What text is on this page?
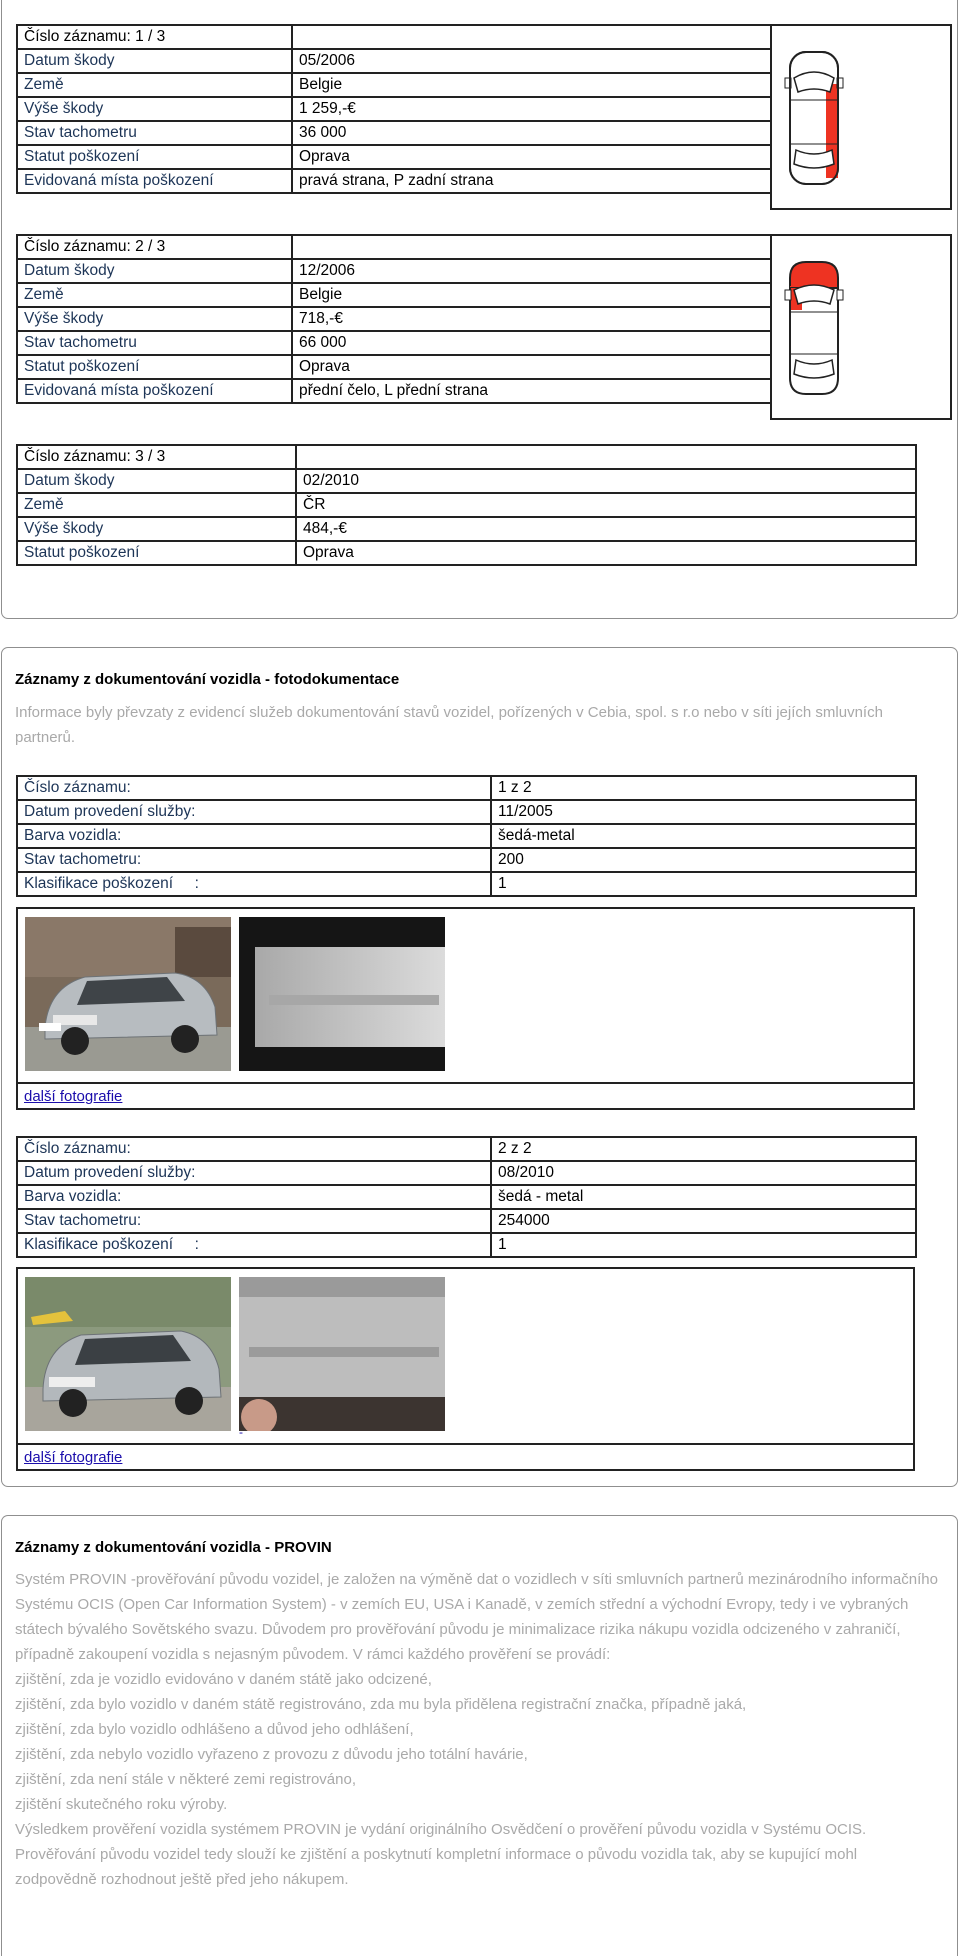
Číslo záznamu: 1 / 3	
Datum škody	05/2006
Země	Belgie
Výše škody	1 259,-€
Stav tachometru	36 000
Statut poškození	Oprava
Evidovaná místa poškození	pravá strana, P zadní strana
Číslo záznamu: 2 / 3	
Datum škody	12/2006
Země	Belgie
Výše škody	718,-€
Stav tachometru	66 000
Statut poškození	Oprava
Evidovaná místa poškození	přední čelo, L přední strana
Číslo záznamu: 3 / 3	
Datum škody	02/2010
Země	ČR
Výše škody	484,-€
Statut poškození	Oprava
Záznamy z dokumentování vozidla - fotodokumentace
Informace byly převzaty z evidencí služeb dokumentování stavů vozidel, pořízených v Cebia, spol. s r.o nebo v síti jejích smluvních partnerů.
Číslo záznamu:	1 z 2
Datum provedení služby:	11/2005
Barva vozidla:	šedá-metal
Stav tachometru:	200
Klasifikace poškození     :	1
další fotografie
Číslo záznamu:	2 z 2
Datum provedení služby:	08/2010
Barva vozidla:	šedá - metal
Stav tachometru:	254000
Klasifikace poškození     :	1
-
další fotografie
Záznamy z dokumentování vozidla - PROVIN

Systém PROVIN -prověřování původu vozidel, je založen na výměně dat o vozidlech v síti smluvních partnerů mezinárodního informačního Systému OCIS (Open Car Information System) - v zemích EU, USA i Kanadě, v zemích střední a východní Evropy, tedy i ve vybraných státech bývalého Sovětského svazu. Důvodem pro prověřování původu je minimalizace rizika nákupu vozidla odcizeného v zahraničí, případně zakoupení vozidla s nejasným původem. V rámci každého prověření se provádí:

zjištění, zda je vozidlo evidováno v daném státě jako odcizené,

zjištění, zda bylo vozidlo v daném státě registrováno, zda mu byla přidělena registrační značka, případně jaká,

zjištění, zda bylo vozidlo odhlášeno a důvod jeho odhlášení,

zjištění, zda nebylo vozidlo vyřazeno z provozu z důvodu jeho totální havárie,

zjištění, zda není stále v některé zemi registrováno,

zjištění skutečného roku výroby.

Výsledkem prověření vozidla systémem PROVIN je vydání originálního Osvědčení o prověření původu vozidla v Systému OCIS. Prověřování původu vozidel tedy slouží ke zjištění a poskytnutí kompletní informace o původu vozidla tak, aby se kupující mohl zodpovědně rozhodnout ještě před jeho nákupem.
